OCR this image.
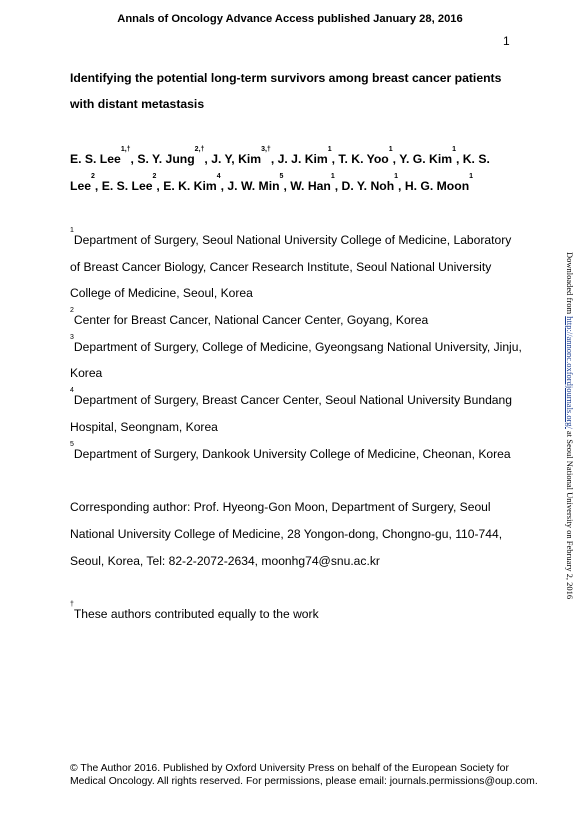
Annals of Oncology Advance Access published January 28, 2016
1
Identifying the potential long-term survivors among breast cancer patients
with distant metastasis
E. S. Lee$^{1,\dagger}$, S. Y. Jung$^{2,\dagger}$, J. Y, Kim$^{3,\dagger}$, J. J. Kim$^1$, T. K. Yoo$^1$, Y. G. Kim$^1$, K. S.
Lee$^2$, E. S. Lee$^2$, E. K. Kim$^4$, J. W. Min$^5$, W. Han$^1$, D. Y. Noh$^1$, H. G. Moon$^1$
$^1$Department of Surgery, Seoul National University College of Medicine, Laboratory
of Breast Cancer Biology, Cancer Research Institute, Seoul National University
College of Medicine, Seoul, Korea
$^2$Center for Breast Cancer, National Cancer Center, Goyang, Korea
$^3$Department of Surgery, College of Medicine, Gyeongsang National University, Jinju,
Korea
$^4$Department of Surgery, Breast Cancer Center, Seoul National University Bundang
Hospital, Seongnam, Korea
$^5$Department of Surgery, Dankook University College of Medicine, Cheonan, Korea
Corresponding author: Prof. Hyeong-Gon Moon, Department of Surgery, Seoul
National University College of Medicine, 28 Yongon-dong, Chongno-gu, 110-744,
Seoul, Korea, Tel: 82-2-2072-2634, moonhg74@snu.ac.kr
†These authors contributed equally to the work
© The Author 2016. Published by Oxford University Press on behalf of the European Society for
Medical Oncology. All rights reserved. For permissions, please email: journals.permissions@oup.com.
Downloaded from http://annonc.oxfordjournals.org/ at Seoul National University on February 2, 2016
